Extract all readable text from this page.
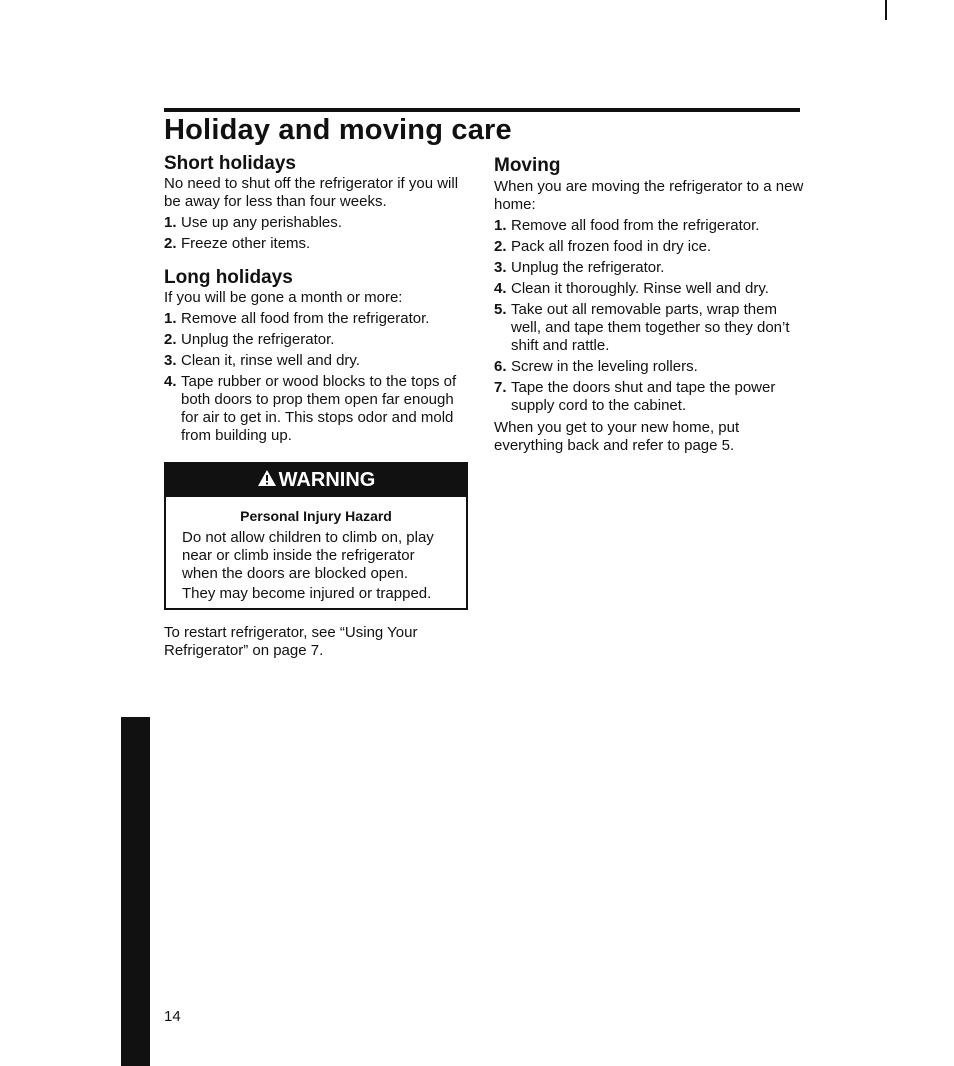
Holiday and moving care
Short holidays

No need to shut off the refrigerator if you will be away for less than four weeks.

1. Use up any perishables.
2. Freeze other items.
Long holidays

If you will be gone a month or more:

1. Remove all food from the refrigerator.
2. Unplug the refrigerator.
3. Clean it, rinse well and dry.
4. Tape rubber or wood blocks to the tops of both doors to prop them open far enough for air to get in. This stops odor and mold from building up.
WARNING

Personal Injury Hazard

Do not allow children to climb on, play near or climb inside the refrigerator when the doors are blocked open.

They may become injured or trapped.

To restart refrigerator, see “Using Your Refrigerator” on page 7.

Moving

When you are moving the refrigerator to a new home:

1. Remove all food from the refrigerator.
2. Pack all frozen food in dry ice.
3. Unplug the refrigerator.
4. Clean it thoroughly. Rinse well and dry.
5. Take out all removable parts, wrap them well, and tape them together so they don’t shift and rattle.
6. Screw in the leveling rollers.
7. Tape the doors shut and tape the power supply cord to the cabinet.

When you get to your new home, put everything back and refer to page 5.

14
